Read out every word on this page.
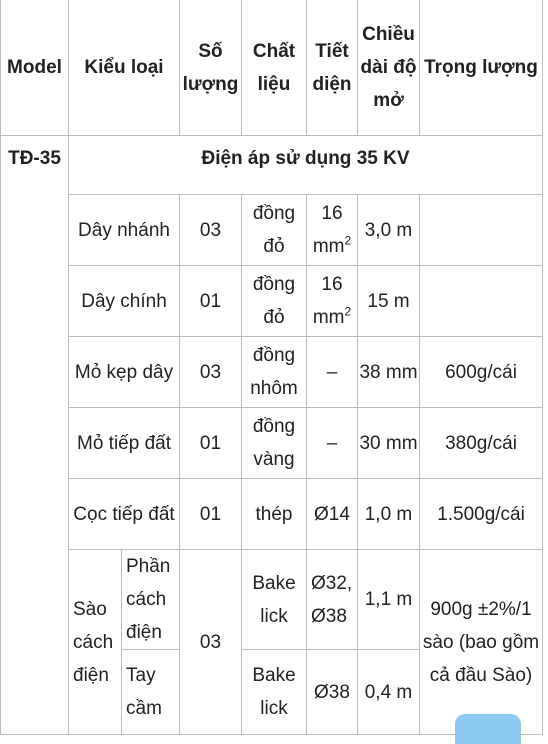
Model	Kiểu loại		Số lượng	Chất liệu	Tiết diện	Chiều dài độ mở	Trọng lượng
TĐ-35	Điện áp sử dụng 35 KV						
	Dây nhánh		03	đồng đỏ	16 $mm^2$	3,0 m	
	Dây chính		01	đồng đỏ	16 $mm^2$	15 m	
	Mỏ kẹp dây		03	đồng nhôm	–	38 mm	600g/cái
	Mỏ tiếp đất		01	đồng vàng	–	30 mm	380g/cái
	Cọc tiếp đất		01	thép	Ø14	1,0 m	1.500g/cái
	Sào cách điện	Phần cách điện	03	Bake lick	Ø32, Ø38	1,1 m	900g ±2%/1 sào (bao gồm cả đầu Sào)
		Tay cầm		Bake lick	Ø38	0,4 m	
